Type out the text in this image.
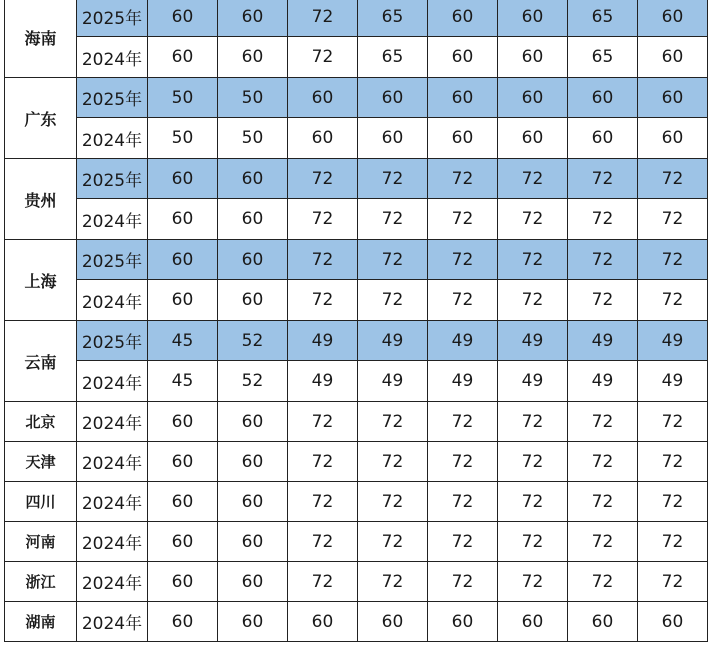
海南	2025年	60	60	72	65	60	60	65	60
	2024年	60	60	72	65	60	60	65	60
广东	2025年	50	50	60	60	60	60	60	60
	2024年	50	50	60	60	60	60	60	60
贵州	2025年	60	60	72	72	72	72	72	72
	2024年	60	60	72	72	72	72	72	72
上海	2025年	60	60	72	72	72	72	72	72
	2024年	60	60	72	72	72	72	72	72
云南	2025年	45	52	49	49	49	49	49	49
	2024年	45	52	49	49	49	49	49	49
北京	2024年	60	60	72	72	72	72	72	72
天津	2024年	60	60	72	72	72	72	72	72
四川	2024年	60	60	72	72	72	72	72	72
河南	2024年	60	60	72	72	72	72	72	72
浙江	2024年	60	60	72	72	72	72	72	72
湖南	2024年	60	60	60	60	60	60	60	60
